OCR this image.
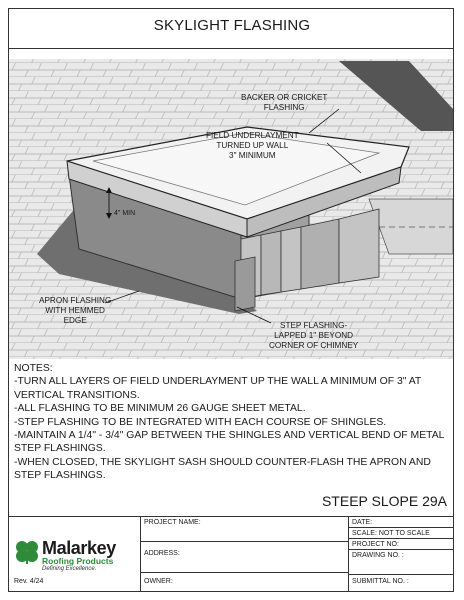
SKYLIGHT FLASHING
BACKER OR CRICKET
FLASHING
FIELD UNDERLAYMENT
TURNED UP WALL
3" MINIMUM
4" MIN
APRON FLASHING
WITH HEMMED
EDGE
STEP FLASHING-
LAPPED 1" BEYOND
CORNER OF CHIMNEY
NOTES:
-TURN ALL LAYERS OF FIELD UNDERLAYMENT UP THE WALL A MINIMUM OF 3" AT VERTICAL TRANSITIONS.
-ALL FLASHING TO BE MINIMUM 26 GAUGE SHEET METAL.
-STEP FLASHING TO BE INTEGRATED WITH EACH COURSE OF SHINGLES.
-MAINTAIN A 1/4" - 3/4" GAP BETWEEN THE SHINGLES AND VERTICAL BEND OF METAL STEP FLASHINGS.
-WHEN CLOSED, THE SKYLIGHT SASH SHOULD COUNTER-FLASH THE APRON AND STEP FLASHINGS.
STEEP SLOPE 29A
Malarkey
Roofing Products
Defining Excellence.
Rev. 4/24
PROJECT NAME:
ADDRESS:
OWNER:
DATE:
SCALE: NOT TO SCALE
PROJECT NO:
DRAWING NO. :
SUBMITTAL NO. :
